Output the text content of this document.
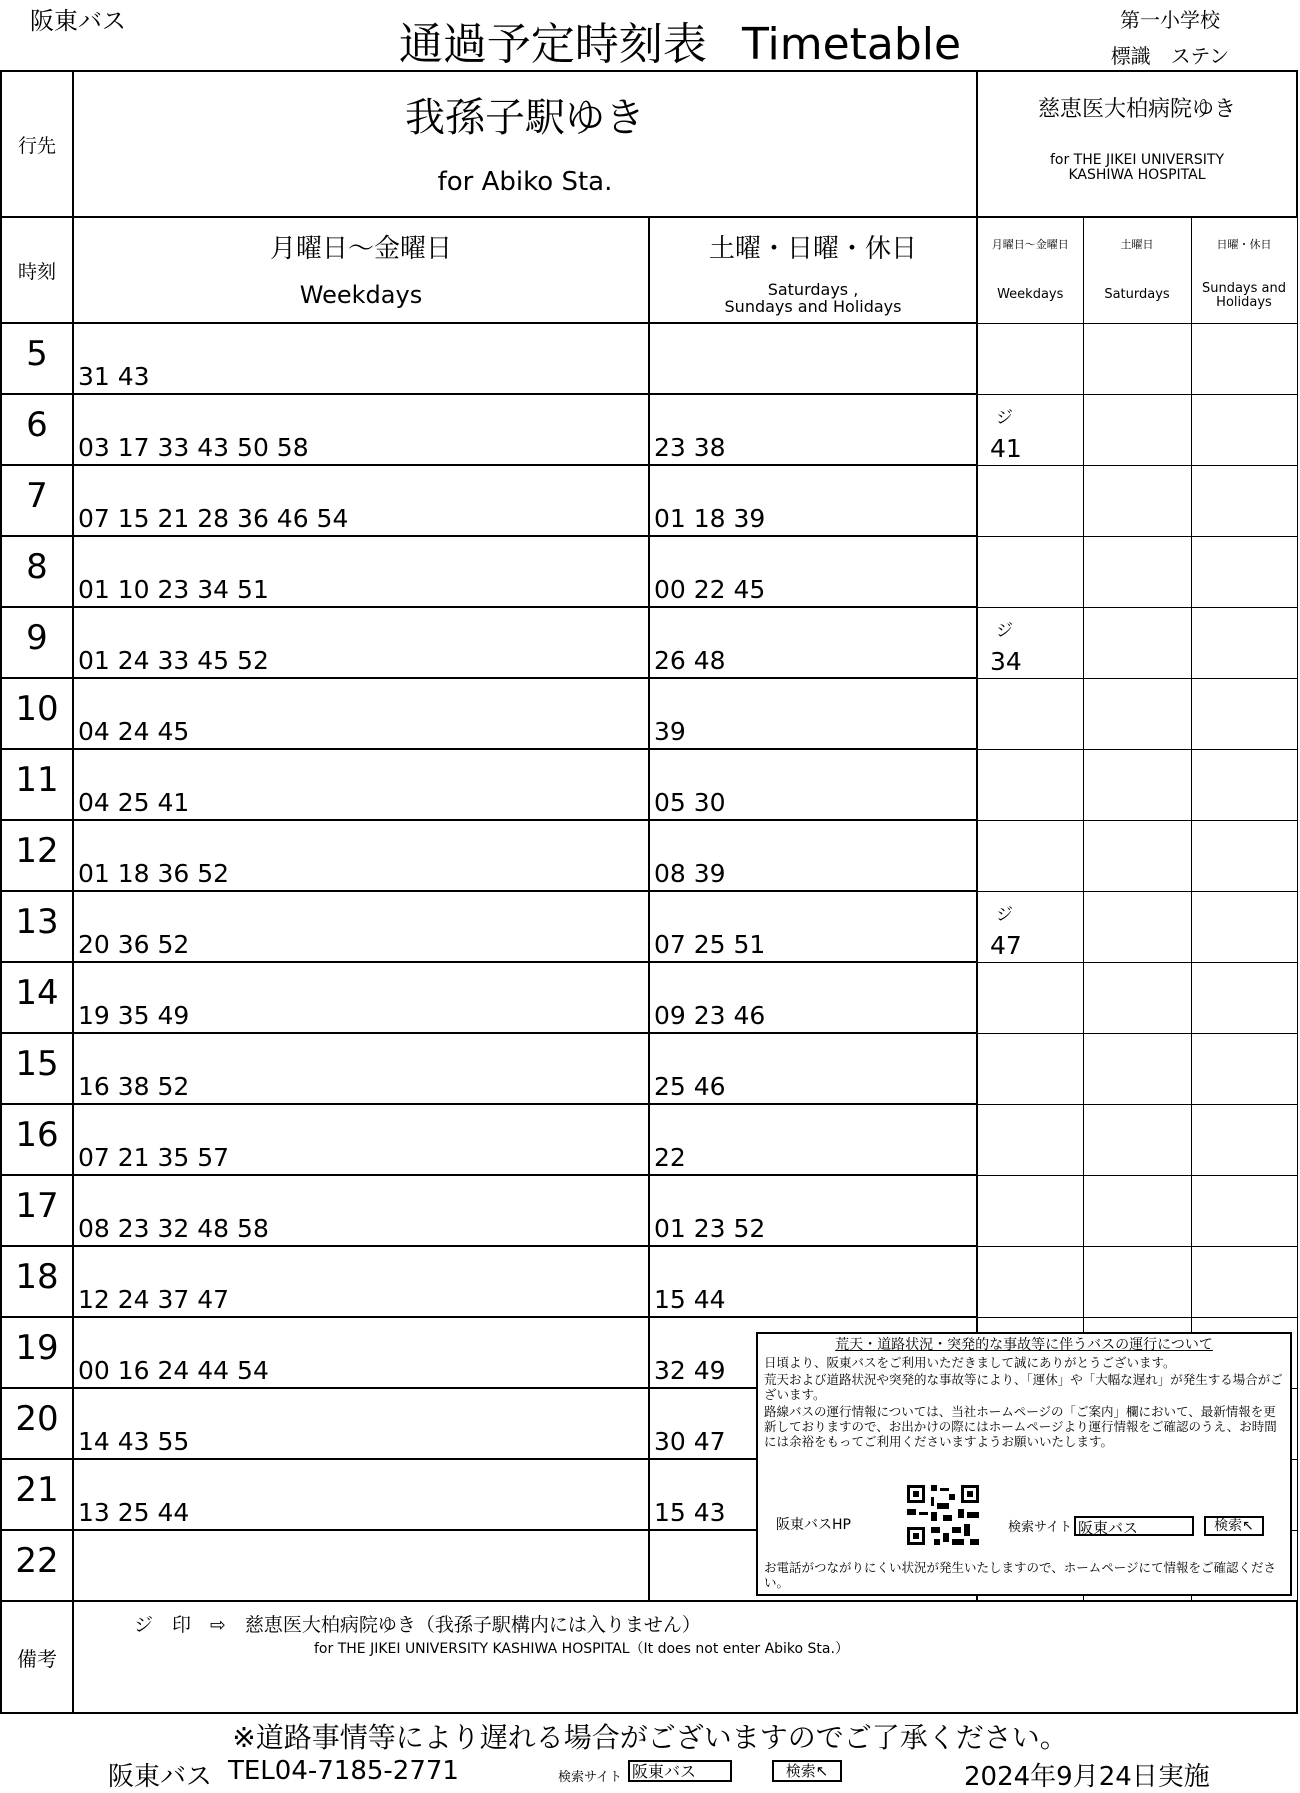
阪東バス	通過予定時刻表 Timetable	第一小学校
標識　ステン
行先	我孫子駅ゆき
for Abiko Sta.		慈恵医大柏病院ゆき
for THE JIKEI UNIVERSITY
KASHIWA HOSPITAL		

時刻	月曜日～金曜日
Weekdays	土曜・日曜・休日
Saturdays ,
Sundays and Holidays	月曜日～金曜日
Weekdays	土曜日
Saturdays	日曜・休日
Sundays and
Holidays

5	31 43				

6	03 17 33 43 50 58	23 38	ジ
41		

7	07 15 21 28 36 46 54	01 18 39			

8	01 10 23 34 51	00 22 45			

9	01 24 33 45 52	26 48	ジ
34		

10	04 24 45	39			

11	04 25 41	05 30			

12	01 18 36 52	08 39			

13	20 36 52	07 25 51	ジ
47		

14	19 35 49	09 23 46			

15	16 38 52	25 46			

16	07 21 35 57	22			

17	08 23 32 48 58	01 23 52			

18	12 24 37 47	15 44			

19	00 16 24 44 54	32 49			

20	14 43 55	30 47			

21	13 25 44	15 43			

22	

備考	ジ　印　⇨　慈恵医大柏病院ゆき（我孫子駅構内には入りません）
for THE JIKEI UNIVERSITY KASHIWA HOSPITAL（It does not enter Abiko Sta.）				
荒天・道路状況・突発的な事故等に伴うバスの運行について
日頃より、阪東バスをご利用いただきまして誠にありがとうございます。
荒天および道路状況や突発的な事故等により、「運休」や「大幅な遅れ」が発生する場合がございます。
路線バスの運行情報については、当社ホームページの「ご案内」欄において、最新情報を更新しておりますので、お出かけの際にはホームページより運行情報をご確認のうえ、お時間には余裕をもってご利用くださいますようお願いいたします。
阪東バスHP	検索サイト 阪東バス	検索↖
お電話がつながりにくい状況が発生いたしますので、ホームページにて情報をご確認ください。
※道路事情等により遅れる場合がございますのでご了承ください。
阪東バス TEL04-7185-2771	検索サイト 阪東バス	検索↖	2024年9月24日実施
